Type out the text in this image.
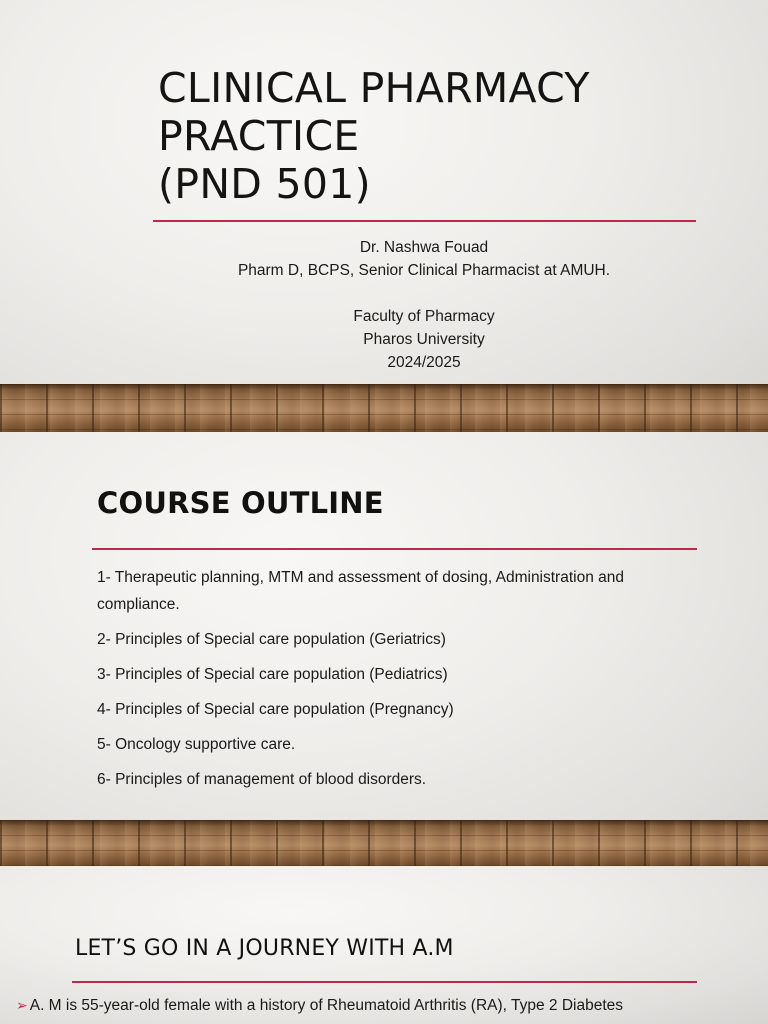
CLINICAL PHARMACY
PRACTICE
(PND 501)
Dr. Nashwa Fouad
Pharm D, BCPS, Senior Clinical Pharmacist at AMUH.
Faculty of Pharmacy
Pharos University
2024/2025
COURSE OUTLINE
1- Therapeutic planning, MTM and assessment of dosing, Administration and compliance.
2- Principles of Special care population (Geriatrics)
3- Principles of Special care population (Pediatrics)
4- Principles of Special care population (Pregnancy)
5- Oncology supportive care.
6- Principles of management of blood disorders.
LET’S GO IN A JOURNEY WITH A.M
➢ A. M is 55-year-old female with a history of Rheumatoid Arthritis (RA), Type 2 Diabetes
